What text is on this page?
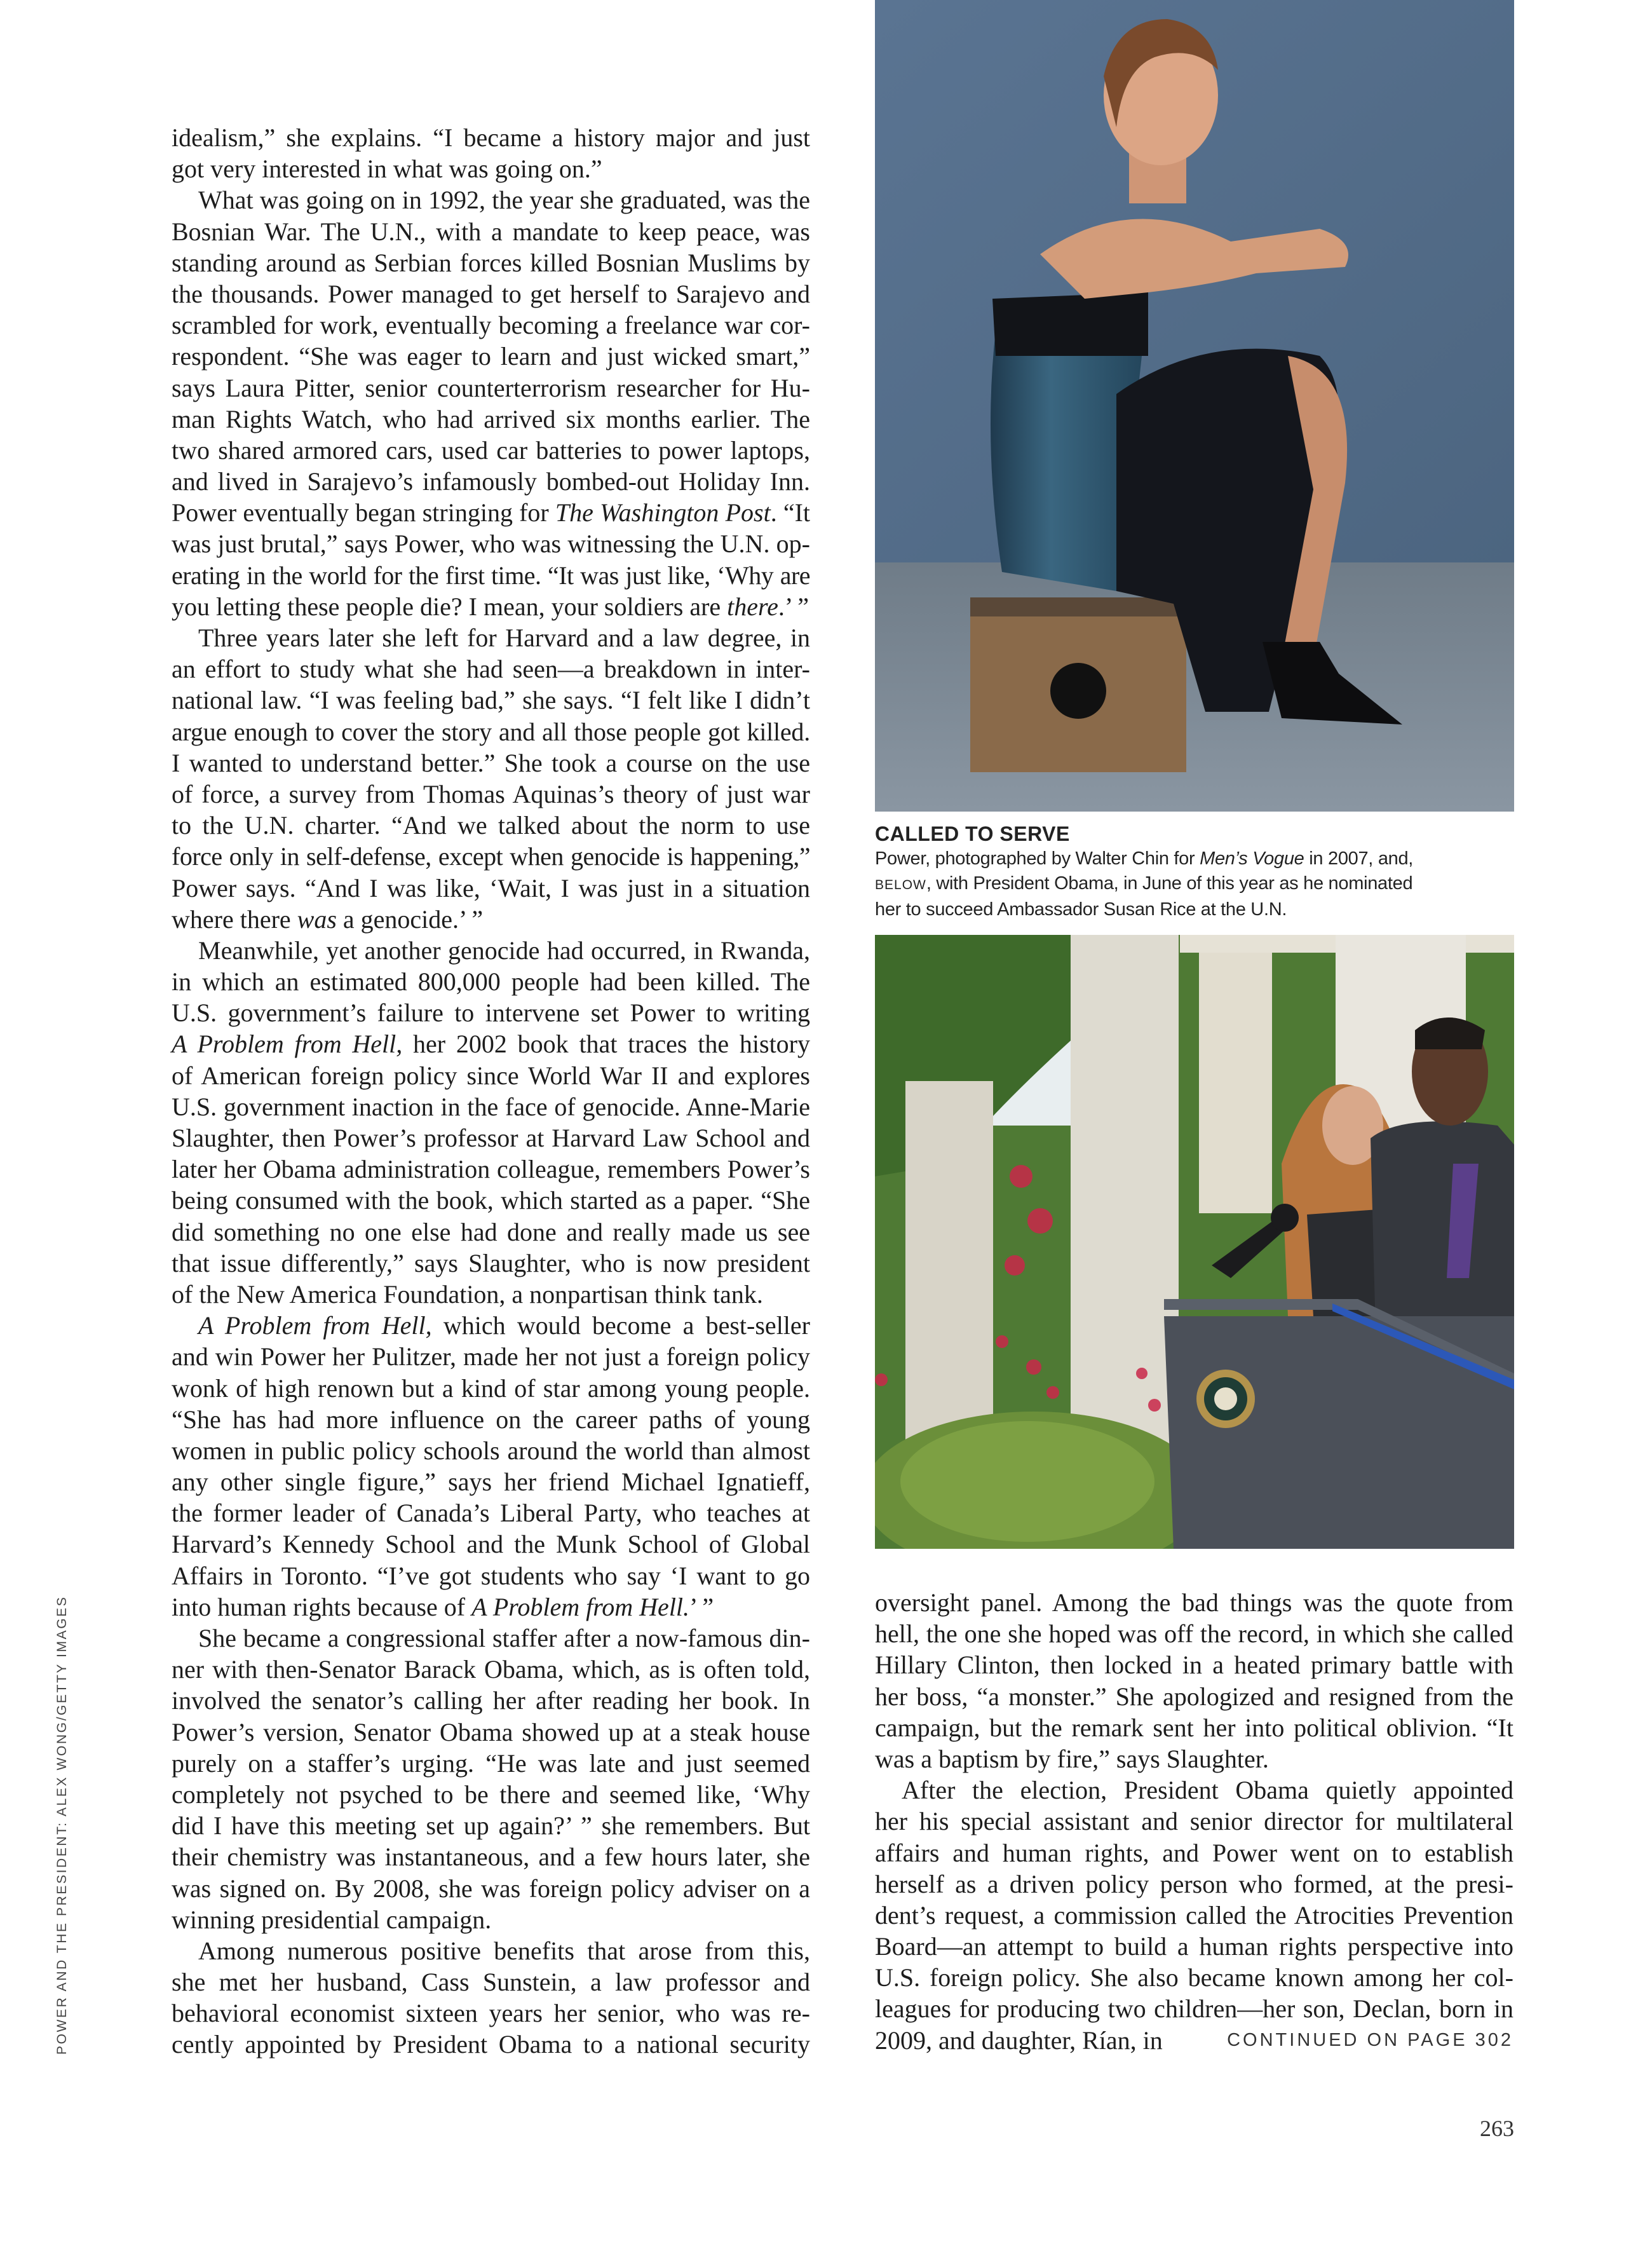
idealism,” she explains. “I became a history major and just
got very interested in what was going on.”
What was going on in 1992, the year she graduated, was the
Bosnian War. The U.N., with a mandate to keep peace, was
standing around as Serbian forces killed Bosnian Muslims by
the thousands. Power managed to get herself to Sarajevo and
scrambled for work, eventually becoming a freelance war cor-
respondent. “She was eager to learn and just wicked smart,”
says Laura Pitter, senior counterterrorism researcher for Hu-
man Rights Watch, who had arrived six months earlier. The
two shared armored cars, used car batteries to power laptops,
and lived in Sarajevo’s infamously bombed-out Holiday Inn.
Power eventually began stringing for The Washington Post. “It
was just brutal,” says Power, who was witnessing the U.N. op-
erating in the world for the first time. “It was just like, ‘Why are
you letting these people die? I mean, your soldiers are there.’ ”
Three years later she left for Harvard and a law degree, in
an effort to study what she had seen—a breakdown in inter-
national law. “I was feeling bad,” she says. “I felt like I didn’t
argue enough to cover the story and all those people got killed.
I wanted to understand better.” She took a course on the use
of force, a survey from Thomas Aquinas’s theory of just war
to the U.N. charter. “And we talked about the norm to use
force only in self-defense, except when genocide is happening,”
Power says. “And I was like, ‘Wait, I was just in a situation
where there was a genocide.’ ”
Meanwhile, yet another genocide had occurred, in Rwanda,
in which an estimated 800,000 people had been killed. The
U.S. government’s failure to intervene set Power to writing
A Problem from Hell, her 2002 book that traces the history
of American foreign policy since World War II and explores
U.S. government inaction in the face of genocide. Anne-Marie
Slaughter, then Power’s professor at Harvard Law School and
later her Obama administration colleague, remembers Power’s
being consumed with the book, which started as a paper. “She
did something no one else had done and really made us see
that issue differently,” says Slaughter, who is now president
of the New America Foundation, a nonpartisan think tank.
A Problem from Hell, which would become a best-seller
and win Power her Pulitzer, made her not just a foreign policy
wonk of high renown but a kind of star among young people.
“She has had more influence on the career paths of young
women in public policy schools around the world than almost
any other single figure,” says her friend Michael Ignatieff,
the former leader of Canada’s Liberal Party, who teaches at
Harvard’s Kennedy School and the Munk School of Global
Affairs in Toronto. “I’ve got students who say ‘I want to go
into human rights because of A Problem from Hell.’ ”
She became a congressional staffer after a now-famous din-
ner with then-Senator Barack Obama, which, as is often told,
involved the senator’s calling her after reading her book. In
Power’s version, Senator Obama showed up at a steak house
purely on a staffer’s urging. “He was late and just seemed
completely not psyched to be there and seemed like, ‘Why
did I have this meeting set up again?’ ” she remembers. But
their chemistry was instantaneous, and a few hours later, she
was signed on. By 2008, she was foreign policy adviser on a
winning presidential campaign.
Among numerous positive benefits that arose from this,
she met her husband, Cass Sunstein, a law professor and
behavioral economist sixteen years her senior, who was re-
cently appointed by President Obama to a national security
oversight panel. Among the bad things was the quote from
hell, the one she hoped was off the record, in which she called
Hillary Clinton, then locked in a heated primary battle with
her boss, “a monster.” She apologized and resigned from the
campaign, but the remark sent her into political oblivion. “It
was a baptism by fire,” says Slaughter.
After the election, President Obama quietly appointed
her his special assistant and senior director for multilateral
affairs and human rights, and Power went on to establish
herself as a driven policy person who formed, at the presi-
dent’s request, a commission called the Atrocities Prevention
Board—an attempt to build a human rights perspective into
U.S. foreign policy. She also became known among her col-
leagues for producing two children—her son, Declan, born in
2009, and daughter, Rían, in	CONTINUED ON PAGE 302
CALLED TO SERVE
Power, photographed by Walter Chin for Men’s Vogue in 2007, and,
BELOW, with President Obama, in June of this year as he nominated
her to succeed Ambassador Susan Rice at the U.N.
POWER AND THE PRESIDENT: ALEX WONG/GETTY IMAGES
263
